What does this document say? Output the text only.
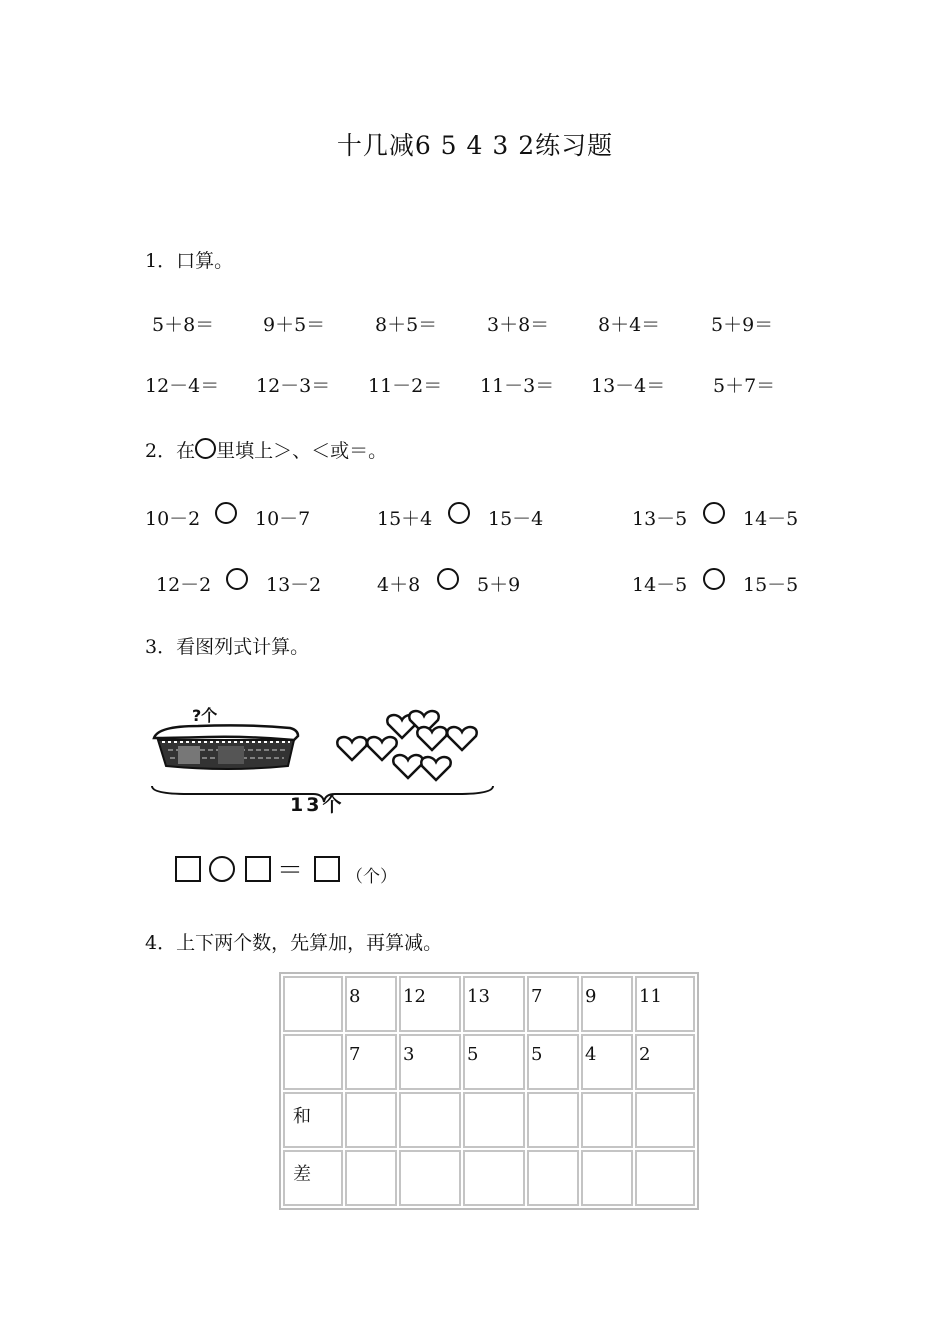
十几减6 5 4 3 2练习题
1．口算。
5＋8＝	9＋5＝	8＋5＝	3＋8＝	8＋4＝	5＋9＝
12－4＝ 12－3＝ 11－2＝ 11－3＝ 13－4＝	5＋7＝
2．在 里填上＞、＜或＝。
10－2	10－7	15＋4	15－4	13－5	14－5
12－2	13－2	4＋8	5＋9	14－5	15－5
3．看图列式计算。
?个
13个
＝	（个）
4．上下两个数，先算加，再算减。
	8	12	13	7	9	11
	7	3	5	5	4	2
和						
差						
